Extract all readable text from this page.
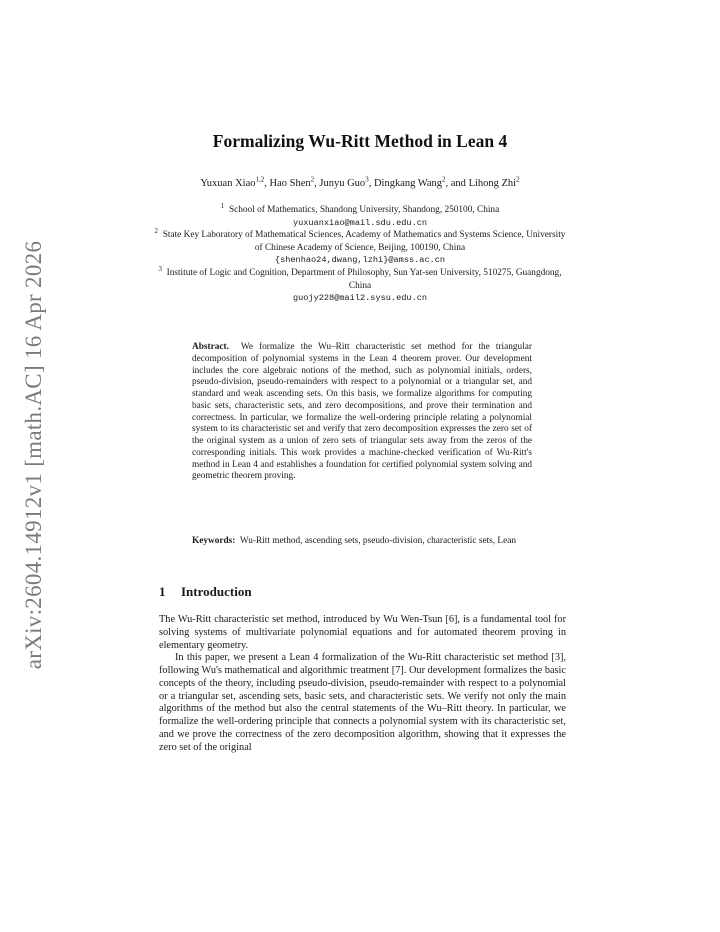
arXiv:2604.14912v1 [math.AC] 16 Apr 2026
Formalizing Wu-Ritt Method in Lean 4
Yuxuan Xiao$^{1,2}$, Hao Shen$^2$, Junyu Guo$^3$, Dingkang Wang$^2$, and Lihong Zhi$^2$
$^1$ School of Mathematics, Shandong University, Shandong, 250100, China
yuxuanxiao@mail.sdu.edu.cn
$^2$ State Key Laboratory of Mathematical Sciences, Academy of Mathematics and Systems Science, University of Chinese Academy of Science, Beijing, 100190, China
{shenhao24,dwang,lzhi}@amss.ac.cn
$^3$ Institute of Logic and Cognition, Department of Philosophy, Sun Yat-sen University, 510275, Guangdong, China
guojy228@mail2.sysu.edu.cn
Abstract. We formalize the Wu–Ritt characteristic set method for the triangular decomposition of polynomial systems in the Lean 4 theorem prover. Our development includes the core algebraic notions of the method, such as polynomial initials, orders, pseudo-division, pseudo-remainders with respect to a polynomial or a triangular set, and standard and weak ascending sets. On this basis, we formalize algorithms for computing basic sets, characteristic sets, and zero decompositions, and prove their termination and correctness. In particular, we formalize the well-ordering principle relating a polynomial system to its characteristic set and verify that zero decomposition expresses the zero set of the original system as a union of zero sets of triangular sets away from the zeros of the corresponding initials. This work provides a machine-checked verification of Wu-Ritt's method in Lean 4 and establishes a foundation for certified polynomial system solving and geometric theorem proving.
Keywords: Wu-Ritt method, ascending sets, pseudo-division, characteristic sets, Lean
1 Introduction

The Wu-Ritt characteristic set method, introduced by Wu Wen-Tsun [6], is a fundamental tool for solving systems of multivariate polynomial equations and for automated theorem proving in elementary geometry.

In this paper, we present a Lean 4 formalization of the Wu-Ritt characteristic set method [3], following Wu's mathematical and algorithmic treatment [7]. Our development formalizes the basic concepts of the theory, including pseudo-division, pseudo-remainder with respect to a polynomial or a triangular set, ascending sets, basic sets, and characteristic sets. We verify not only the main algorithms of the method but also the central statements of the Wu–Ritt theory. In particular, we formalize the well-ordering principle that connects a polynomial system with its characteristic set, and we prove the correctness of the zero decomposition algorithm, showing that it expresses the zero set of the original
